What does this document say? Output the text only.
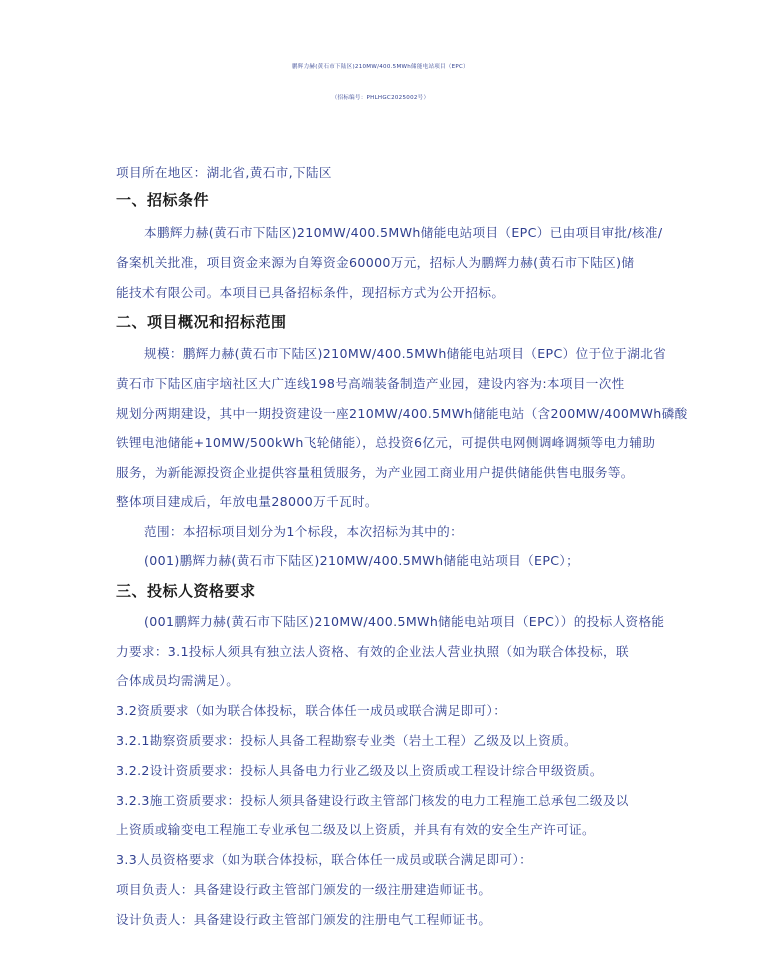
鹏辉力赫(黄石市下陆区)210MW/400.5MWh储能电站项目（EPC）
（招标编号：PHLHGC2025002号）
项目所在地区：湖北省,黄石市,下陆区
一、招标条件
本鹏辉力赫(黄石市下陆区)210MW/400.5MWh储能电站项目（EPC）已由项目审批/核准/
备案机关批准，项目资金来源为自筹资金60000万元，招标人为鹏辉力赫(黄石市下陆区)储
能技术有限公司。本项目已具备招标条件，现招标方式为公开招标。
二、项目概况和招标范围
规模：鹏辉力赫(黄石市下陆区)210MW/400.5MWh储能电站项目（EPC）位于位于湖北省
黄石市下陆区庙宇垴社区大广连线198号高端装备制造产业园，建设内容为:本项目一次性
规划分两期建设，其中一期投资建设一座210MW/400.5MWh储能电站（含200MW/400MWh磷酸
铁锂电池储能+10MW/500kWh飞轮储能），总投资6亿元，可提供电网侧调峰调频等电力辅助
服务，为新能源投资企业提供容量租赁服务，为产业园工商业用户提供储能供售电服务等。
整体项目建成后，年放电量28000万千瓦时。
范围：本招标项目划分为1个标段，本次招标为其中的：
(001)鹏辉力赫(黄石市下陆区)210MW/400.5MWh储能电站项目（EPC）；
三、投标人资格要求
(001鹏辉力赫(黄石市下陆区)210MW/400.5MWh储能电站项目（EPC））的投标人资格能
力要求：3.1投标人须具有独立法人资格、有效的企业法人营业执照（如为联合体投标，联
合体成员均需满足）。
3.2资质要求（如为联合体投标，联合体任一成员或联合满足即可）：
3.2.1勘察资质要求：投标人具备工程勘察专业类（岩土工程）乙级及以上资质。
3.2.2设计资质要求：投标人具备电力行业乙级及以上资质或工程设计综合甲级资质。
3.2.3施工资质要求：投标人须具备建设行政主管部门核发的电力工程施工总承包二级及以
上资质或输变电工程施工专业承包二级及以上资质，并具有有效的安全生产许可证。
3.3人员资格要求（如为联合体投标，联合体任一成员或联合满足即可）：
项目负责人：具备建设行政主管部门颁发的一级注册建造师证书。
设计负责人：具备建设行政主管部门颁发的注册电气工程师证书。
